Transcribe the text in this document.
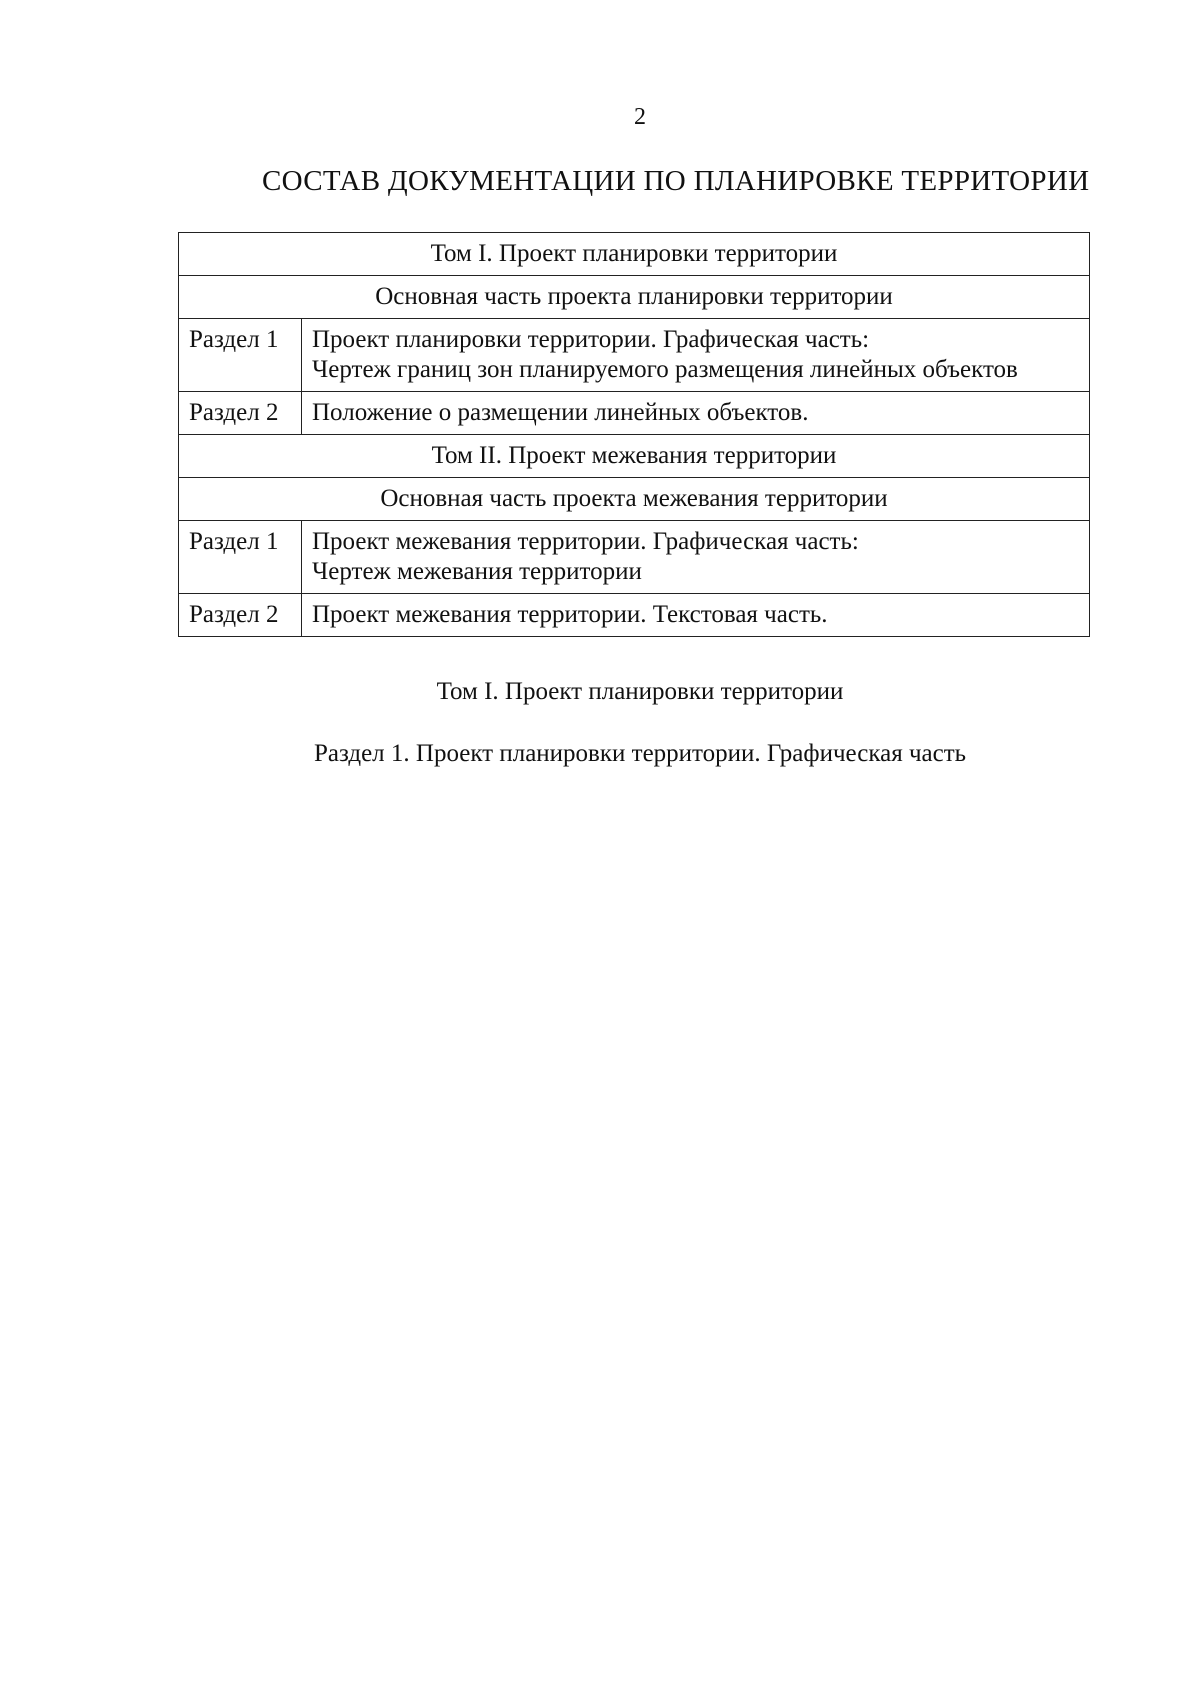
2
СОСТАВ ДОКУМЕНТАЦИИ ПО ПЛАНИРОВКЕ ТЕРРИТОРИИ
Том I. Проект планировки территории	
Основная часть проекта планировки территории	
Раздел 1	Проект планировки территории. Графическая часть:
Чертеж границ зон планируемого размещения линейных объектов

Раздел 2	Положение о размещении линейных объектов.

Том II. Проект межевания территории	
Основная часть проекта межевания территории	
Раздел 1	Проект межевания территории. Графическая часть:
Чертеж межевания территории

Раздел 2	Проект межевания территории. Текстовая часть.
Том I. Проект планировки территории
Раздел 1. Проект планировки территории. Графическая часть
